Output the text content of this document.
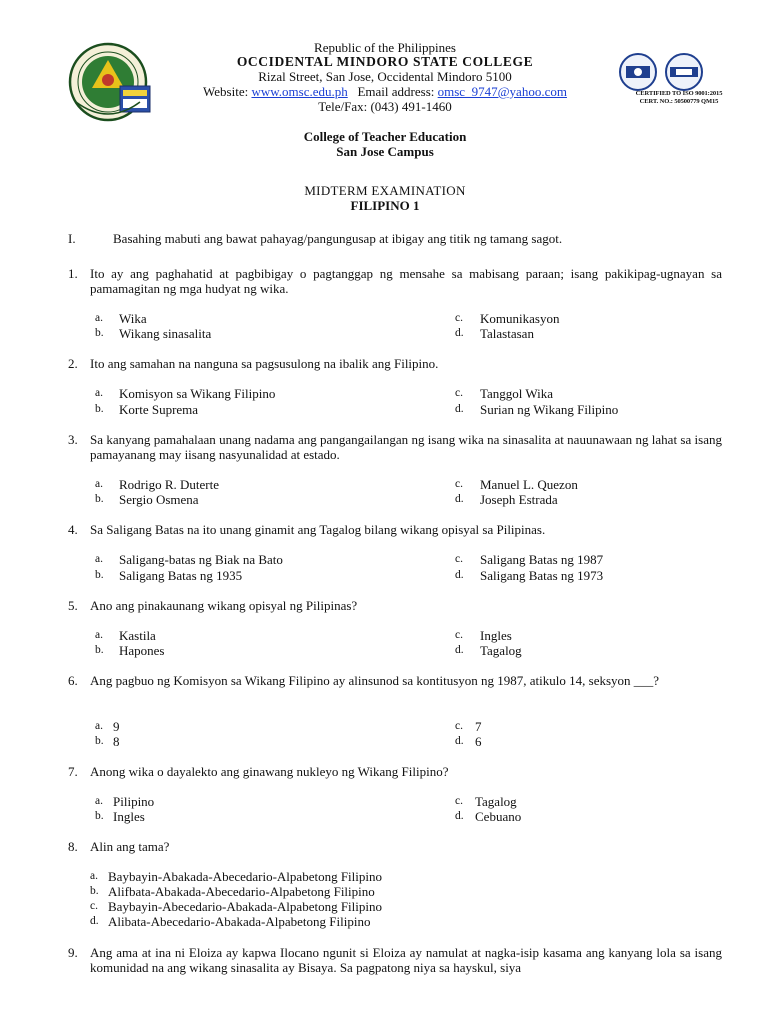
CERTIFIED TO ISO 9001:2015
CERT. NO.: 50500779 QM15
Republic of the Philippines
OCCIDENTAL MINDORO STATE COLLEGE
Rizal Street, San Jose, Occidental Mindoro 5100
Website: www.omsc.edu.ph Email address: omsc_9747@yahoo.com
Tele/Fax: (043) 491-1460
College of Teacher Education
San Jose Campus
MIDTERM EXAMINATION
FILIPINO 1
I.	Basahing mabuti ang bawat pahayag/pangungusap at ibigay ang titik ng tamang sagot.
1. Ito ay ang paghahatid at pagbibigay o pagtanggap ng mensahe sa mabisang paraan; isang pakikipag-ugnayan sa pamamagitan ng mga hudyat ng wika.
a. Wika
b. Wikang sinasalita
c. Komunikasyon
d. Talastasan
2. Ito ang samahan na nanguna sa pagsusulong na ibalik ang Filipino.
a. Komisyon sa Wikang Filipino
b. Korte Suprema
c. Tanggol Wika
d. Surian ng Wikang Filipino
3. Sa kanyang pamahalaan unang nadama ang pangangailangan ng isang wika na sinasalita at nauunawaan ng lahat sa isang pamayanang may iisang nasyunalidad at estado.
a. Rodrigo R. Duterte
b. Sergio Osmena
c. Manuel L. Quezon
d. Joseph Estrada
4. Sa Saligang Batas na ito unang ginamit ang Tagalog bilang wikang opisyal sa Pilipinas.
a. Saligang-batas ng Biak na Bato
b. Saligang Batas ng 1935
c. Saligang Batas ng 1987
d. Saligang Batas ng 1973
5. Ano ang pinakaunang wikang opisyal ng Pilipinas?
a. Kastila
b. Hapones
c. Ingles
d. Tagalog
6. Ang pagbuo ng Komisyon sa Wikang Filipino ay alinsunod sa kontitusyon ng 1987, atikulo 14, seksyon ___?
a. 9
b. 8
c. 7
d. 6
7. Anong wika o dayalekto ang ginawang nukleyo ng Wikang Filipino?
a. Pilipino
b. Ingles
c. Tagalog
d. Cebuano
8. Alin ang tama?
a. Baybayin-Abakada-Abecedario-Alpabetong Filipino
b. Alifbata-Abakada-Abecedario-Alpabetong Filipino
c. Baybayin-Abecedario-Abakada-Alpabetong Filipino
d. Alibata-Abecedario-Abakada-Alpabetong Filipino
9. Ang ama at ina ni Eloiza ay kapwa Ilocano ngunit si Eloiza ay namulat at nagka-isip kasama ang kanyang lola sa isang komunidad na ang wikang sinasalita ay Bisaya. Sa pagpatong niya sa hayskul, siya
